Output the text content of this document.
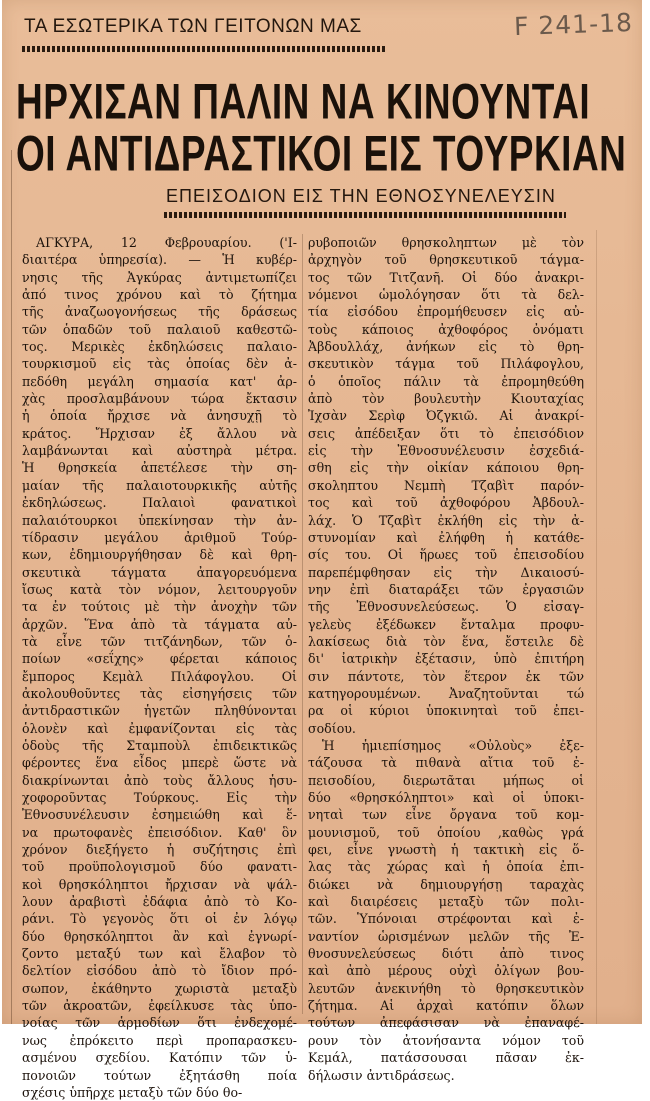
ΤΑ ΕΣΩΤΕΡΙΚΑ ΤΩΝ ΓΕΙΤΟΝΩΝ ΜΑΣ	F 241-18
ΗΡΧΙΣΑΝ ΠΑΛΙΝ ΝΑ ΚΙΝΟΥΝΤΑΙ
ΟΙ ΑΝΤΙΔΡΑΣΤΙΚΟΙ ΕΙΣ ΤΟΥΡΚΙΑΝ
ΕΠΕΙΣΟΔΙΟΝ ΕΙΣ ΤΗΝ ΕΘΝΟΣΥΝΕΛΕΥΣΙΝ

ΑΓΚΥΡΑ, 12 Φεβρουαρίου. ('Ι-

διαιτέρα ὑπηρεσία). — Ἡ κυβέρ-

νησις τῆς Ἀγκύρας ἀντιμετωπίζει

ἀπό τινος χρόνου καὶ τὸ ζήτημα

τῆς ἀναζωογονήσεως τῆς δράσεως

τῶν ὁπαδῶν τοῦ παλαιοῦ καθεστῶ-

τος. Μερικὲς ἐκδηλώσεις παλαιο-

τουρκισμοῦ εἰς τὰς ὁποίας δὲν ἀ-

πεδόθη μεγάλη σημασία κατ' ἀρ-

χὰς προσλαμβάνουν τώρα ἔκτασιν

ἡ ὁποία ἤρχισε νὰ ἀνησυχῇ τὸ

κράτος. Ἤρχισαν ἐξ ἄλλου νὰ

λαμβάνωνται καὶ αὐστηρὰ μέτρα.

Ἡ θρησκεία ἀπετέλεσε τὴν ση-

μαίαν τῆς παλαιοτουρκικῆς αὐτῆς

ἐκδηλώσεως. Παλαιοὶ φανατικοὶ

παλαιότουρκοι ὑπεκίνησαν τὴν ἀν-

τίδρασιν μεγάλου ἀριθμοῦ Τούρ-

κων, ἐδημιουργήθησαν δὲ καὶ θρη-

σκευτικὰ τάγματα ἀπαγορευόμενα

ἴσως κατὰ τὸν νόμον, λειτουργοῦν

τα ἐν τούτοις μὲ τὴν ἀνοχὴν τῶν

ἀρχῶν. Ἕνα ἀπὸ τὰ τάγματα αὐ-

τὰ εἶνε τῶν τιτζάνηδων, τῶν ὁ-

ποίων «σεΐχης» φέρεται κάποιος

ἔμπορος Κεμὰλ Πιλάφογλου. Οἱ

ἀκολουθοῦντες τὰς εἰσηγήσεις τῶν

ἀντιδραστικῶν ἡγετῶν πληθύνονται

ὁλονὲν καὶ ἐμφανίζονται εἰς τὰς

ὁδοὺς τῆς Σταμποὺλ ἐπιδεικτικῶς

φέροντες ἕνα εἶδος μπερὲ ὥστε νὰ

διακρίνωνται ἀπὸ τοὺς ἄλλους ἡσυ-

χοφοροῦντας Τούρκους. Εἰς τὴν

Ἐθνοσυνέλευσιν ἐσημειώθη καὶ ἕ-

να πρωτοφανὲς ἐπεισόδιον. Καθ' ὃν

χρόνον διεξήγετο ἡ συζήτησις ἐπὶ

τοῦ προϋπολογισμοῦ δύο φανατι-

κοὶ θρησκόληπτοι ἤρχισαν νὰ ψάλ-

λουν ἀραβιστὶ ἐδάφια ἀπὸ τὸ Κο-

ράνι. Τὸ γεγονὸς ὅτι οἱ ἐν λόγῳ

δύο θρησκόληπτοι ἂν καὶ ἐγνωρί-

ζοντο μεταξύ των καὶ ἔλαβον τὸ

δελτίον εἰσόδου ἀπὸ τὸ ἴδιον πρό-

σωπον, ἐκάθηντο χωριστὰ μεταξὺ

τῶν ἀκροατῶν, ἐφείλκυσε τὰς ὑπο-

νοίας τῶν ἁρμοδίων ὅτι ἐνδεχομέ-

νως ἐπρόκειτο περὶ προπαρασκευ-

ασμένου σχεδίου. Κατόπιν τῶν ὑ-

πονοιῶν τούτων ἐξητάσθη ποία

σχέσις ὑπῆρχε μεταξὺ τῶν δύο θο-

ρυβοποιῶν θρησκοληπτων μὲ τὸν

ἀρχηγὸν τοῦ θρησκευτικοῦ τάγμα-

τος τῶν Τιτζανῆ. Οἱ δύο ἀνακρι-

νόμενοι ὡμολόγησαν ὅτι τὰ δελ-

τία εἰσόδου ἐπρομήθευσεν εἰς αὐ-

τοὺς κάποιος ἀχθοφόρος ὀνόματι

Ἀβδουλλάχ, ἀνήκων εἰς τὸ θρη-

σκευτικὸν τάγμα τοῦ Πιλάφογλου,

ὁ ὁποῖος πάλιν τὰ ἐπρομηθεύθη

ἀπὸ τὸν βουλευτὴν Κιουταχίας

Ἰχσὰν Σερὶφ Ὀζγκιῶ. Αἱ ἀνακρί-

σεις ἀπέδειξαν ὅτι τὸ ἐπεισόδιον

εἰς τὴν Ἐθνοσυνέλευσιν ἐσχεδιά-

σθη εἰς τὴν οἰκίαν κάποιου θρη-

σκοληπτου Νεμπὴ Τζαβὶτ παρόν-

τος καὶ τοῦ ἀχθοφόρου Ἀβδουλ-

λάχ. Ὁ Τζαβὶτ ἐκλήθη εἰς τὴν ἀ-

στυνομίαν καὶ ἐλήφθη ἡ κατάθε-

σίς του. Οἱ ἥρωες τοῦ ἐπεισοδίου

παρεπέμφθησαν εἰς τὴν Δικαιοσύ-

νην ἐπὶ διαταράξει τῶν ἐργασιῶν

τῆς Ἐθνοσυνελεύσεως. Ὁ εἰσαγ-

γελεὺς ἐξέδωκεν ἔνταλμα προφυ-

λακίσεως διὰ τὸν ἕνα, ἔστειλε δὲ

δι' ἰατρικὴν ἐξέτασιν, ὑπὸ ἐπιτήρη

σιν πάντοτε, τὸν ἕτερον ἐκ τῶν

κατηγορουμένων. Ἀναζητοῦνται τώ

ρα οἱ κύριοι ὑποκινηταὶ τοῦ ἐπει-

σοδίου.

Ἡ ἡμιεπίσημος «Οὐλοὺς» ἐξε-

τάζουσα τὰ πιθανὰ αἴτια τοῦ ἐ-

πεισοδίου, διερωτᾶται μήπως οἱ

δύο «θρησκόληπτοι» καὶ οἱ ὑποκι-

νηταὶ των εἶνε ὄργανα τοῦ κομ-

μουνισμοῦ, τοῦ ὁποίου ,καθὼς γρά

φει, εἶνε γνωστὴ ἡ τακτικὴ εἰς ὅ-

λας τὰς χώρας καὶ ἡ ὁποία ἐπι-

διώκει νὰ δημιουργήσῃ ταραχὰς

καὶ διαιρέσεις μεταξὺ τῶν πολι-

τῶν. Ὑπόνοιαι στρέφονται καὶ ἐ-

ναντίον ὡρισμένων μελῶν τῆς Ἐ-

θνοσυνελεύσεως διότι ἀπὸ τινος

καὶ ἀπὸ μέρους οὐχὶ ὀλίγων βου-

λευτῶν ἀνεκινήθη τὸ θρησκευτικὸν

ζήτημα. Αἱ ἀρχαὶ κατόπιν ὅλων

τούτων ἀπεφάσισαν νὰ ἐπαναφέ-

ρουν τὸν ἀτονήσαντα νόμον τοῦ

Κεμάλ, πατάσσουσαι πᾶσαν ἐκ-

δήλωσιν ἀντιδράσεως.
